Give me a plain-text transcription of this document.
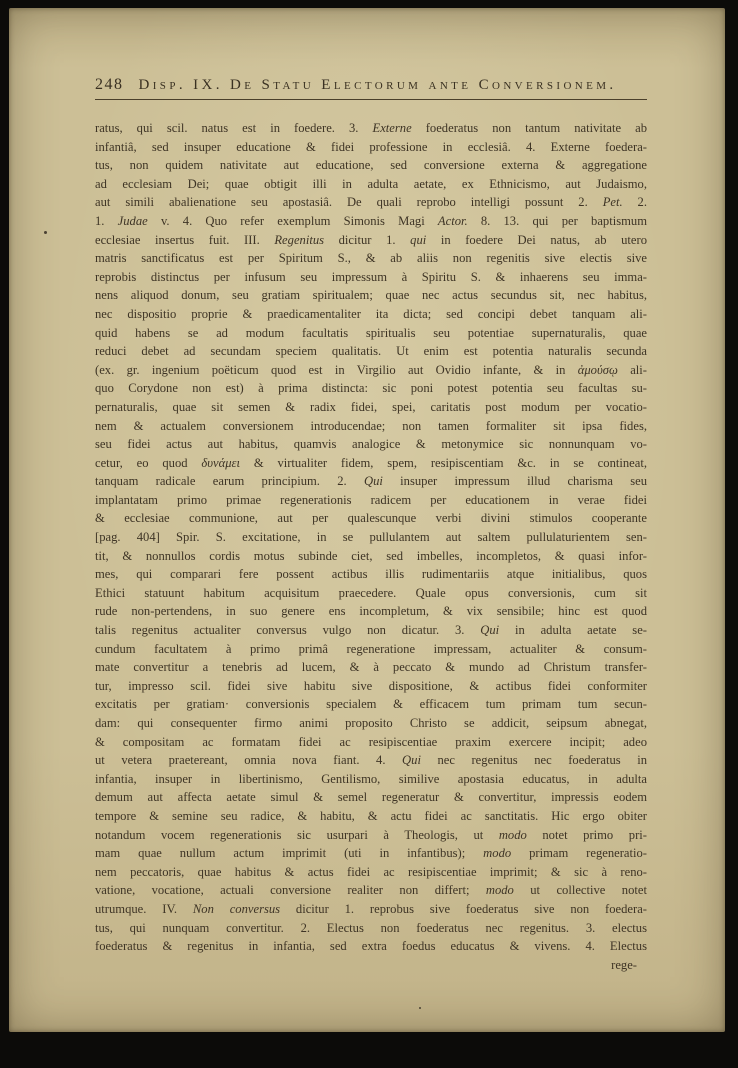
248 Disp. IX. De Statu Electorum ante Conversionem.
ratus, qui scil. natus est in foedere. 3. Externe foederatus non tantum nativitate ab
infantiâ, sed insuper educatione & fidei professione in ecclesiâ. 4. Externe foedera-
tus, non quidem nativitate aut educatione, sed conversione externa & aggregatione
ad ecclesiam Dei; quae obtigit illi in adulta aetate, ex Ethnicismo, aut Judaismo,
aut simili abalienatione seu apostasiâ. De quali reprobo intelligi possunt 2. Pet. 2.
1. Judae v. 4. Quo refer exemplum Simonis Magi Actor. 8. 13. qui per baptismum
ecclesiae insertus fuit. III. Regenitus dicitur 1. qui in foedere Dei natus, ab utero
matris sanctificatus est per Spiritum S., & ab aliis non regenitis sive electis sive
reprobis distinctus per infusum seu impressum à Spiritu S. & inhaerens seu imma-
nens aliquod donum, seu gratiam spiritualem; quae nec actus secundus sit, nec habitus,
nec dispositio proprie & praedicamentaliter ita dicta; sed concipi debet tanquam ali-
quid habens se ad modum facultatis spiritualis seu potentiae supernaturalis, quae
reduci debet ad secundam speciem qualitatis. Ut enim est potentia naturalis secunda
(ex. gr. ingenium poëticum quod est in Virgilio aut Ovidio infante, & in ἀμούσῳ ali-
quo Corydone non est) à prima distincta: sic poni potest potentia seu facultas su-
pernaturalis, quae sit semen & radix fidei, spei, caritatis post modum per vocatio-
nem & actualem conversionem introducendae; non tamen formaliter sit ipsa fides,
seu fidei actus aut habitus, quamvis analogice & metonymice sic nonnunquam vo-
cetur, eo quod δυνάμει & virtualiter fidem, spem, resipiscentiam &c. in se contineat,
tanquam radicale earum principium. 2. Qui insuper impressum illud charisma seu
implantatam primo primae regenerationis radicem per educationem in verae fidei
& ecclesiae communione, aut per qualescunque verbi divini stimulos cooperante
[pag. 404] Spir. S. excitatione, in se pullulantem aut saltem pullulaturientem sen-
tit, & nonnullos cordis motus subinde ciet, sed imbelles, incompletos, & quasi infor-
mes, qui comparari fere possent actibus illis rudimentariis atque initialibus, quos
Ethici statuunt habitum acquisitum praecedere. Quale opus conversionis, cum sit
rude non-pertendens, in suo genere ens incompletum, & vix sensibile; hinc est quod
talis regenitus actualiter conversus vulgo non dicatur. 3. Qui in adulta aetate se-
cundum facultatem à primo primâ regeneratione impressam, actualiter & consum-
mate convertitur a tenebris ad lucem, & à peccato & mundo ad Christum transfer-
tur, impresso scil. fidei sive habitu sive dispositione, & actibus fidei conformiter
excitatis per gratiam· conversionis specialem & efficacem tum primam tum secun-
dam: qui consequenter firmo animi proposito Christo se addicit, seipsum abnegat,
& compositam ac formatam fidei ac resipiscentiae praxim exercere incipit; adeo
ut vetera praetereant, omnia nova fiant. 4. Qui nec regenitus nec foederatus in
infantia, insuper in libertinismo, Gentilismo, similive apostasia educatus, in adulta
demum aut affecta aetate simul & semel regeneratur & convertitur, impressis eodem
tempore & semine seu radice, & habitu, & actu fidei ac sanctitatis. Hic ergo obiter
notandum vocem regenerationis sic usurpari à Theologis, ut modo notet primo pri-
mam quae nullum actum imprimit (uti in infantibus); modo primam regeneratio-
nem peccatoris, quae habitus & actus fidei ac resipiscentiae imprimit; & sic à reno-
vatione, vocatione, actuali conversione realiter non differt; modo ut collective notet
utrumque. IV. Non conversus dicitur 1. reprobus sive foederatus sive non foedera-
tus, qui nunquam convertitur. 2. Electus non foederatus nec regenitus. 3. electus
foederatus & regenitus in infantia, sed extra foedus educatus & vivens. 4. Electus
rege-
